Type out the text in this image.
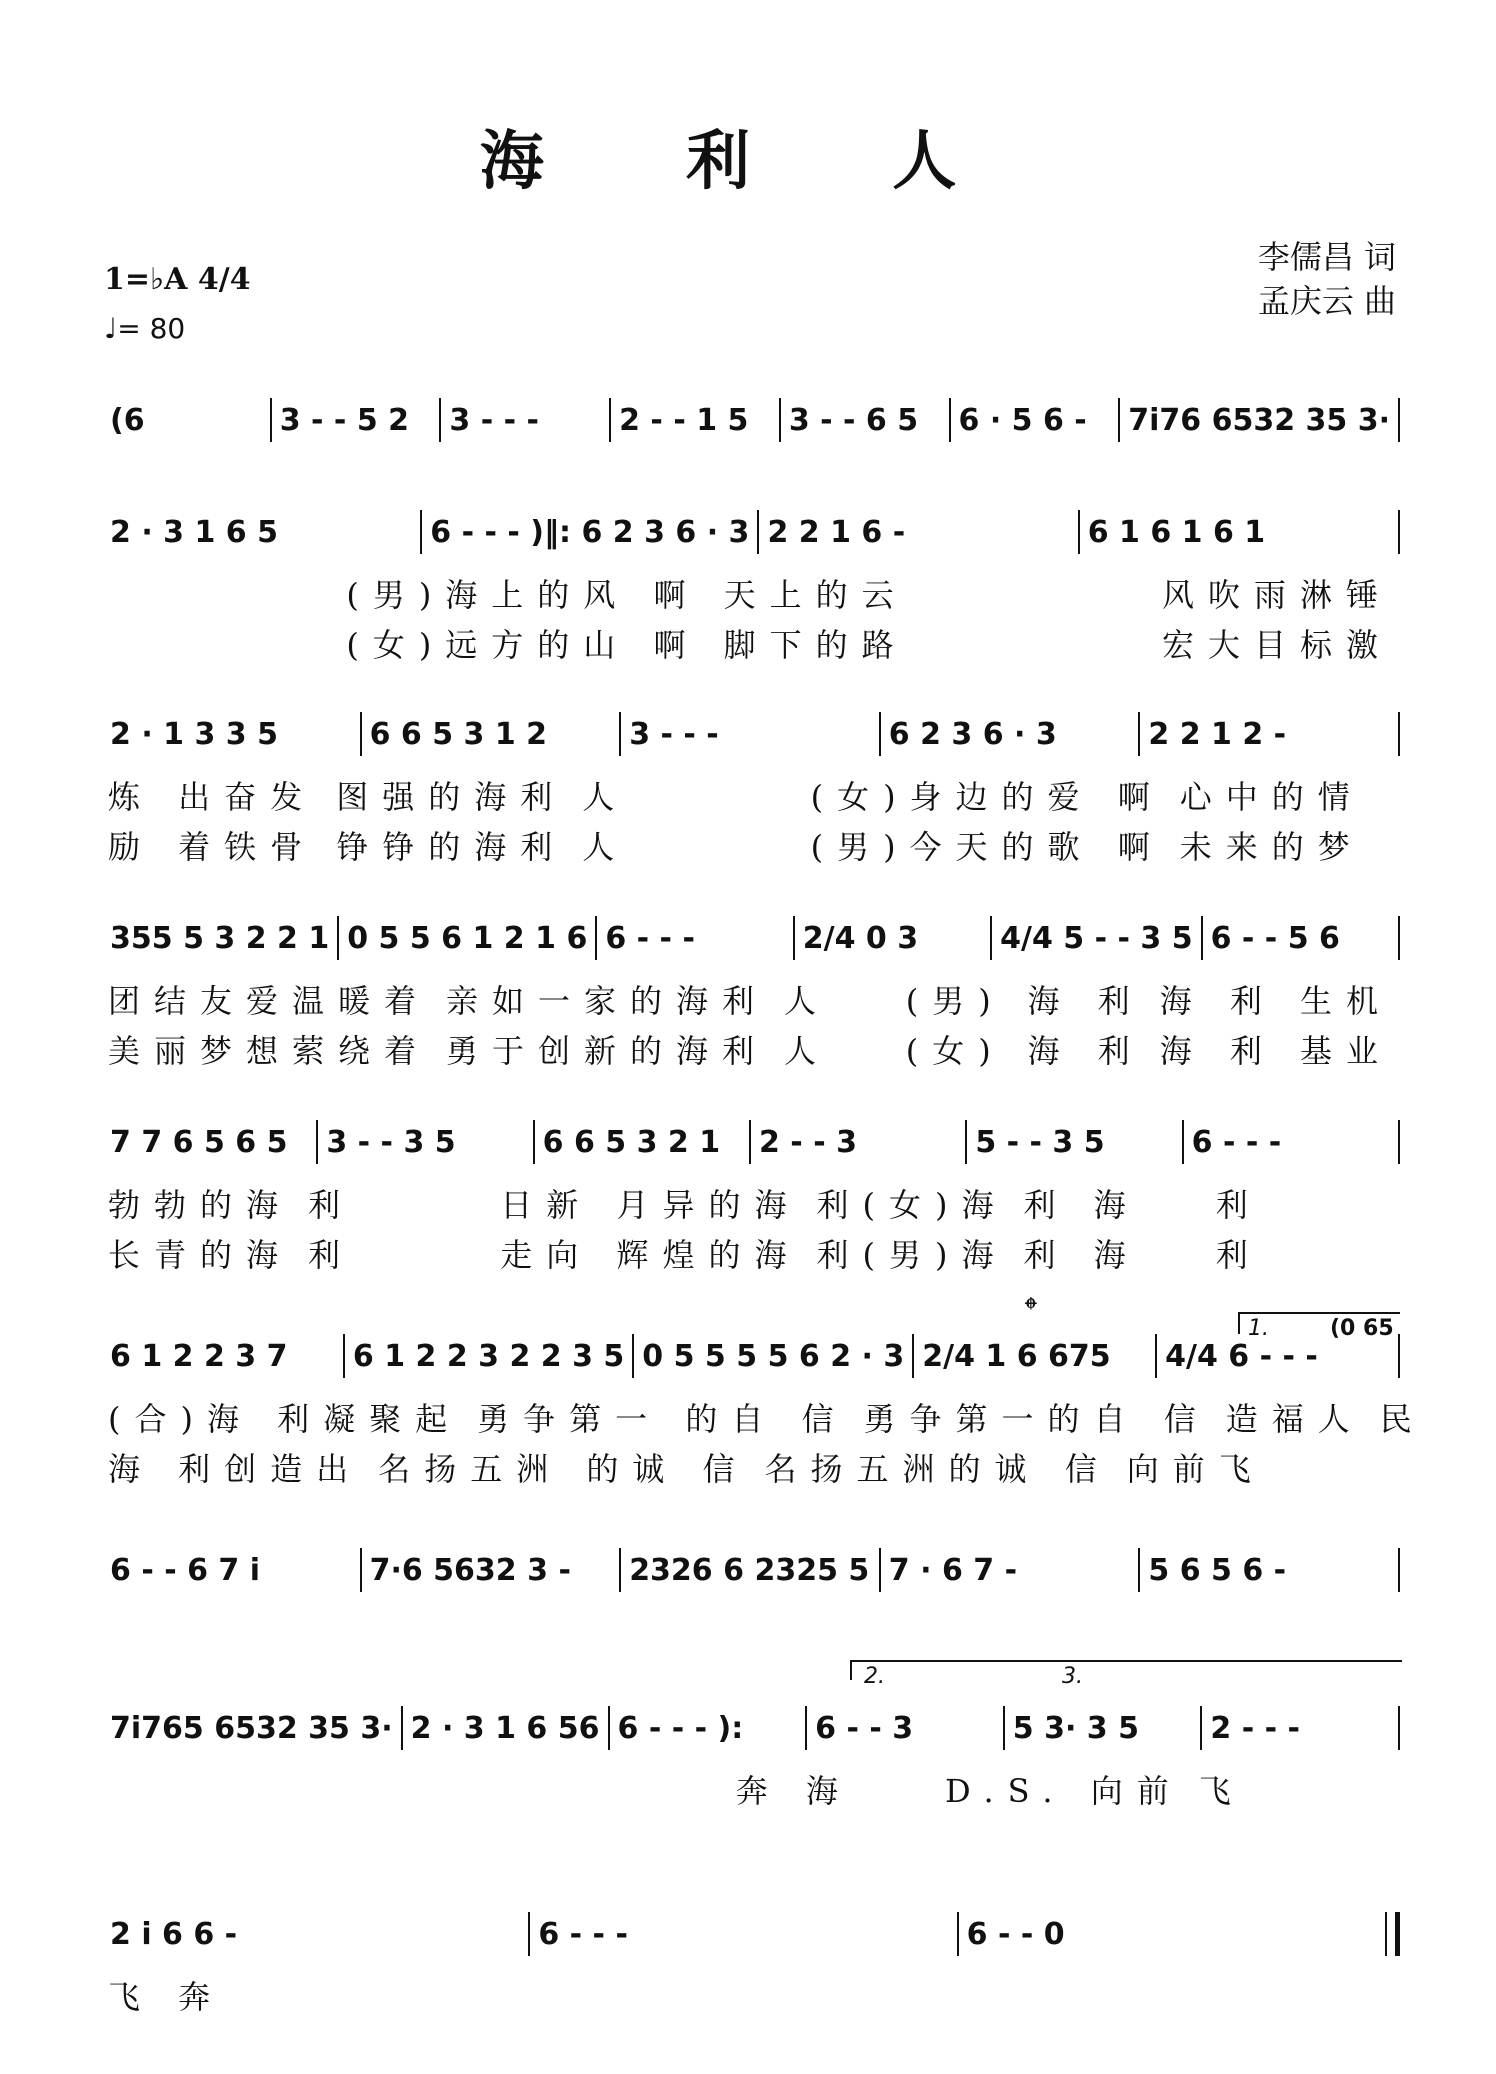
海 利 人
1=♭A 4/4
♩= 80
李儒昌 词
孟庆云 曲
(6	3 - - 5 2	3 - - -	2 - - 1 5	3 - - 6 5	6 · 5 6 -	7i76 6532 35 3·
2 · 3 1 6 5	6 - - - )‖: 6 2 3 6 · 3 2 2 1 6 -	6 1 6 1 6 1
(男)海上的风 啊 天上的云	风吹雨淋锤
(女)远方的山 啊 脚下的路	宏大目标激
2 · 1 3 3 5	6 6 5 3 1 2	3 - - -	6 2 3 6 · 3	2 2 1 2 -
炼 出奋发 图强的海利 人	(女)身边的爱 啊 心中的情
励 着铁骨 铮铮的海利 人	(男)今天的歌 啊 未来的梦
355 5 3 2 2 1 0 5 5 6 1 2 1 6 6 - - -	2/4 0 3	4/4 5 - - 3 5 6 - - 5 6
团结友爱温暖着 亲如一家的海利 人	(男) 海 利 海 利 生机
美丽梦想萦绕着 勇于创新的海利 人	(女) 海 利 海 利 基业
7 7 6 5 6 5	3 - - 3 5	6 6 5 3 2 1	2 - - 3	5 - - 3 5	6 - - -
勃勃的海 利	日新 月异的海 利(女)海 利 海	利
长青的海 利	走向 辉煌的海 利(男)海 利 海	利
6 1 2 2 3 7	6 1 2 2 3 2 2 3 5 0 5 5 5 5 6 2 · 3 2/4 1 6 675	4/4 6 - - -
(合)海 利凝聚起 勇争第一 的自 信 勇争第一的自 信 造福人 民
海 利创造出 名扬五洲 的诚 信 名扬五洲的诚 信 向前飞
6 - - 6 7 i	7·6 5632 3 -	2326 6 2325 5 7 · 6 7 -	5 6 5 6 -
7i765 6532 35 3· 2 · 3 1 6 56 6 - - - ):	6 - - 3	5 3· 3 5	2 - - -
奔 海	D.S. 向前 飞
2 i 6 6 -	6 - - -	6 - - 0
飞 奔
1.	(0 65
𝄌
2.	3.
